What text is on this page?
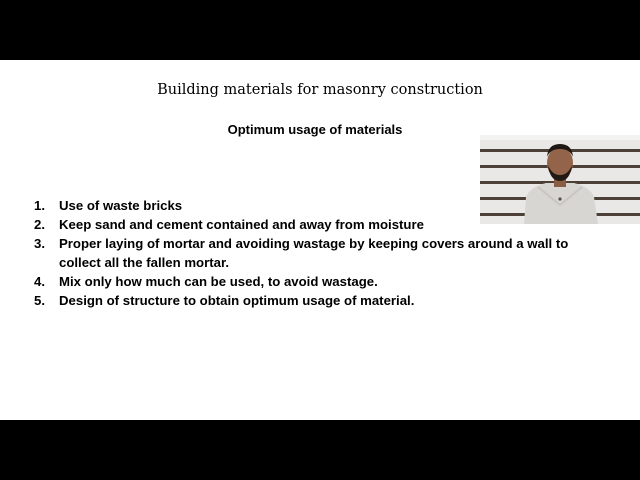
Building materials for masonry construction
Optimum usage of materials
1.	Use of waste bricks
2.	Keep sand and cement contained and away from moisture
3.	Proper laying of mortar and avoiding wastage by keeping covers around a wall to collect all the fallen mortar.
4.	Mix only how much can be used, to avoid wastage.
5.	Design of structure to obtain optimum usage of material.
